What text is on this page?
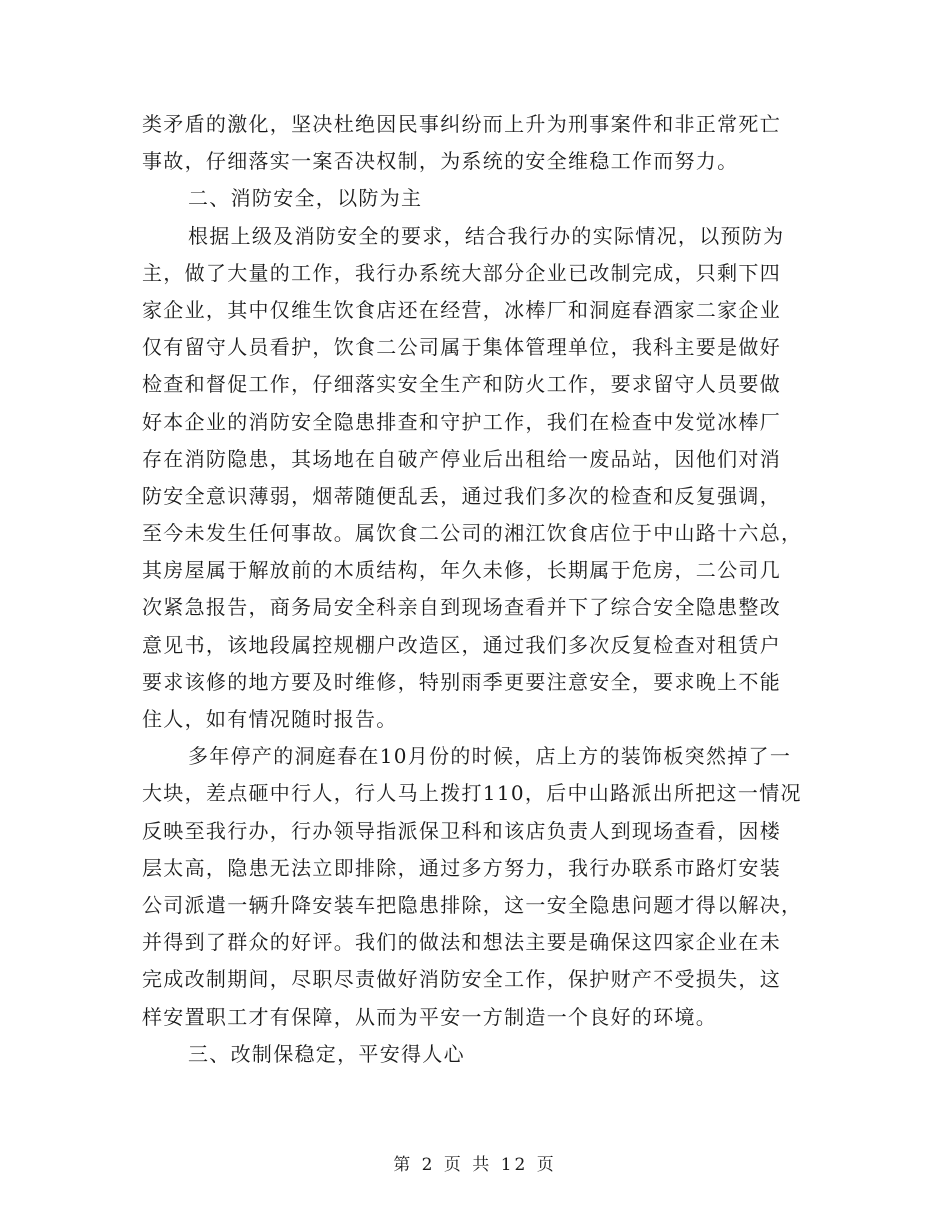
类矛盾的激化，坚决杜绝因民事纠纷而上升为刑事案件和非正常死亡
事故，仔细落实一案否决权制，为系统的安全维稳工作而努力。
二、消防安全，以防为主
根据上级及消防安全的要求，结合我行办的实际情况，以预防为
主，做了大量的工作，我行办系统大部分企业已改制完成，只剩下四
家企业，其中仅维生饮食店还在经营，冰棒厂和洞庭春酒家二家企业
仅有留守人员看护，饮食二公司属于集体管理单位，我科主要是做好
检查和督促工作，仔细落实安全生产和防火工作，要求留守人员要做
好本企业的消防安全隐患排查和守护工作，我们在检查中发觉冰棒厂
存在消防隐患，其场地在自破产停业后出租给一废品站，因他们对消
防安全意识薄弱，烟蒂随便乱丢，通过我们多次的检查和反复强调，
至今未发生任何事故。属饮食二公司的湘江饮食店位于中山路十六总，
其房屋属于解放前的木质结构，年久未修，长期属于危房，二公司几
次紧急报告，商务局安全科亲自到现场查看并下了综合安全隐患整改
意见书，该地段属控规棚户改造区，通过我们多次反复检查对租赁户
要求该修的地方要及时维修，特别雨季更要注意安全，要求晚上不能
住人，如有情况随时报告。
多年停产的洞庭春在10月份的时候，店上方的装饰板突然掉了一
大块，差点砸中行人，行人马上拨打110，后中山路派出所把这一情况
反映至我行办，行办领导指派保卫科和该店负责人到现场查看，因楼
层太高，隐患无法立即排除，通过多方努力，我行办联系市路灯安装
公司派遣一辆升降安装车把隐患排除，这一安全隐患问题才得以解决，
并得到了群众的好评。我们的做法和想法主要是确保这四家企业在未
完成改制期间，尽职尽责做好消防安全工作，保护财产不受损失，这
样安置职工才有保障，从而为平安一方制造一个良好的环境。
三、改制保稳定，平安得人心
第 2 页 共 12 页
